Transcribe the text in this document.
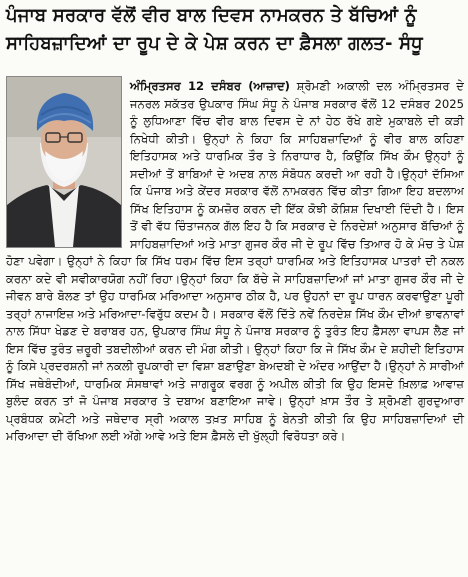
ਪੰਜਾਬ ਸਰਕਾਰ ਵੱਲੋਂ ਵੀਰ ਬਾਲ ਦਿਵਸ ਨਾਮਕਰਨ ਤੇ ਬੱਚਿਆਂ ਨੂੰ ਸਾਹਿਬਜ਼ਾਦਿਆਂ ਦਾ ਰੂਪ ਦੇ ਕੇ ਪੇਸ਼ ਕਰਨ ਦਾ ਫ਼ੈਸਲਾ ਗਲਤ- ਸੰਧੂ
ਅੰਮ੍ਰਿਤਸਰ 12 ਦਸੰਬਰ (ਆਜ਼ਾਦ) ਸ਼੍ਰੋਮਣੀ ਅਕਾਲੀ ਦਲ ਅੰਮ੍ਰਿਤਸਰ ਦੇ ਜਨਰਲ ਸਕੱਤਰ ਉਪਕਾਰ ਸਿੰਘ ਸੰਧੂ ਨੇ ਪੰਜਾਬ ਸਰਕਾਰ ਵੱਲੋਂ 12 ਦਸੰਬਰ 2025 ਨੂੰ ਲੁਧਿਆਣਾ ਵਿੱਚ ਵੀਰ ਬਾਲ ਦਿਵਸ ਦੇ ਨਾਂ ਹੇਠ ਰੱਖੇ ਗਏ ਮੁਕਾਬਲੇ ਦੀ ਕੜੀ ਨਿਖੇਧੀ ਕੀਤੀ। ਉਨ੍ਹਾਂ ਨੇ ਕਿਹਾ ਕਿ ਸਾਹਿਬਜ਼ਾਦਿਆਂ ਨੂੰ ਵੀਰ ਬਾਲ ਕਹਿਣਾ ਇਤਿਹਾਸਕ ਅਤੇ ਧਾਰਮਿਕ ਤੌਰ ਤੇ ਨਿਰਾਧਾਰ ਹੈ, ਕਿਉਂਕਿ ਸਿੱਖ ਕੌਮ ਉਨ੍ਹਾਂ ਨੂੰ ਸਦੀਆਂ ਤੋਂ ਬਾਬਿਆਂ ਦੇ ਅਦਬ ਨਾਲ ਸੰਬੋਧਨ ਕਰਦੀ ਆ ਰਹੀ ਹੈ।ਉਨ੍ਹਾਂ ਦੱਸਿਆ ਕਿ ਪੰਜਾਬ ਅਤੇ ਕੇਂਦਰ ਸਰਕਾਰ ਵੱਲੋਂ ਨਾਮਕਰਨ ਵਿੱਚ ਕੀਤਾ ਗਿਆ ਇਹ ਬਦਲਾਅ ਸਿੱਖ ਇਤਿਹਾਸ ਨੂੰ ਕਮਜ਼ੋਰ ਕਰਨ ਦੀ ਇੱਕ ਕੋਝੀ ਕੋਸ਼ਿਸ਼ ਦਿਖਾਈ ਦਿੰਦੀ ਹੈ। ਇਸ ਤੋਂ ਵੀ ਵੱਧ ਚਿੰਤਾਜਨਕ ਗੱਲ ਇਹ ਹੈ ਕਿ ਸਰਕਾਰ ਦੇ ਨਿਰਦੇਸ਼ਾਂ ਅਨੁਸਾਰ ਬੱਚਿਆਂ ਨੂੰ ਸਾਹਿਬਜ਼ਾਦਿਆਂ ਅਤੇ ਮਾਤਾ ਗੁਜਰ ਕੌਰ ਜੀ ਦੇ ਰੂਪ ਵਿੱਚ ਤਿਆਰ ਹੋ ਕੇ ਮੰਚ ਤੇ ਪੇਸ਼ ਹੋਣਾ ਪਵੇਗਾ। ਉਨ੍ਹਾਂ ਨੇ ਕਿਹਾ ਕਿ ਸਿੱਖ ਧਰਮ ਵਿੱਚ ਇਸ ਤਰ੍ਹਾਂ ਧਾਰਮਿਕ ਅਤੇ ਇਤਿਹਾਸਕ ਪਾਤਰਾਂ ਦੀ ਨਕਲ ਕਰਨਾ ਕਦੇ ਵੀ ਸਵੀਕਾਰਯੋਗ ਨਹੀਂ ਰਿਹਾ।ਉਨ੍ਹਾਂ ਕਿਹਾ ਕਿ ਬੱਚੇ ਜੇ ਸਾਹਿਬਜ਼ਾਦਿਆਂ ਜਾਂ ਮਾਤਾ ਗੁਜਰ ਕੌਰ ਜੀ ਦੇ ਜੀਵਨ ਬਾਰੇ ਬੋਲਣ ਤਾਂ ਉਹ ਧਾਰਮਿਕ ਮਰਿਆਦਾ ਅਨੁਸਾਰ ਠੀਕ ਹੈ, ਪਰ ਉਹਨਾਂ ਦਾ ਰੂਪ ਧਾਰਨ ਕਰਵਾਉਣਾ ਪੂਰੀ ਤਰ੍ਹਾਂ ਨਾਜਾਇਜ਼ ਅਤੇ ਮਰਿਆਦਾ-ਵਿਰੁੱਧ ਕਦਮ ਹੈ। ਸਰਕਾਰ ਵੱਲੋਂ ਦਿੱਤੇ ਨਵੇਂ ਨਿਰਦੇਸ਼ ਸਿੱਖ ਕੌਮ ਦੀਆਂ ਭਾਵਨਾਵਾਂ ਨਾਲ ਸਿੱਧਾ ਖੇਡਣ ਦੇ ਬਰਾਬਰ ਹਨ, ਉਪਕਾਰ ਸਿੰਘ ਸੰਧੂ ਨੇ ਪੰਜਾਬ ਸਰਕਾਰ ਨੂੰ ਤੁਰੰਤ ਇਹ ਫ਼ੈਸਲਾ ਵਾਪਸ ਲੈਣ ਜਾਂ ਇਸ ਵਿੱਚ ਤੁਰੰਤ ਜ਼ਰੂਰੀ ਤਬਦੀਲੀਆਂ ਕਰਨ ਦੀ ਮੰਗ ਕੀਤੀ। ਉਨ੍ਹਾਂ ਕਿਹਾ ਕਿ ਜੇ ਸਿੱਖ ਕੌਮ ਦੇ ਸ਼ਹੀਦੀ ਇਤਿਹਾਸ ਨੂੰ ਕਿਸੇ ਪ੍ਰਦਰਸ਼ਨੀ ਜਾਂ ਨਕਲੀ ਰੂਪਕਾਰੀ ਦਾ ਵਿਸ਼ਾ ਬਣਾਉਣਾ ਬੇਅਦਬੀ ਦੇ ਅੰਦਰ ਆਉਂਦਾ ਹੈ।ਉਨ੍ਹਾਂ ਨੇ ਸਾਰੀਆਂ ਸਿੱਖ ਜਥੇਬੰਦੀਆਂ, ਧਾਰਮਿਕ ਸੰਸਥਾਵਾਂ ਅਤੇ ਜਾਗਰੂਕ ਵਰਗ ਨੂੰ ਅਪੀਲ ਕੀਤੀ ਕਿ ਉਹ ਇਸਦੇ ਖ਼ਿਲਾਫ਼ ਆਵਾਜ਼ ਬੁਲੰਦ ਕਰਨ ਤਾਂ ਜੋ ਪੰਜਾਬ ਸਰਕਾਰ ਤੇ ਦਬਾਅ ਬਣਾਇਆ ਜਾਵੇ। ਉਨ੍ਹਾਂ ਖ਼ਾਸ ਤੌਰ ਤੇ ਸ਼੍ਰੋਮਣੀ ਗੁਰਦੁਆਰਾ ਪ੍ਰਬੰਧਕ ਕਮੇਟੀ ਅਤੇ ਜਥੇਦਾਰ ਸ੍ਰੀ ਅਕਾਲ ਤਖ਼ਤ ਸਾਹਿਬ ਨੂੰ ਬੇਨਤੀ ਕੀਤੀ ਕਿ ਉਹ ਸਾਹਿਬਜ਼ਾਦਿਆਂ ਦੀ ਮਰਿਆਦਾ ਦੀ ਰੱਖਿਆ ਲਈ ਅੱਗੇ ਆਵੇ ਅਤੇ ਇਸ ਫ਼ੈਸਲੇ ਦੀ ਖੁੱਲ੍ਹੀ ਵਿਰੋਧਤਾ ਕਰੇ।
